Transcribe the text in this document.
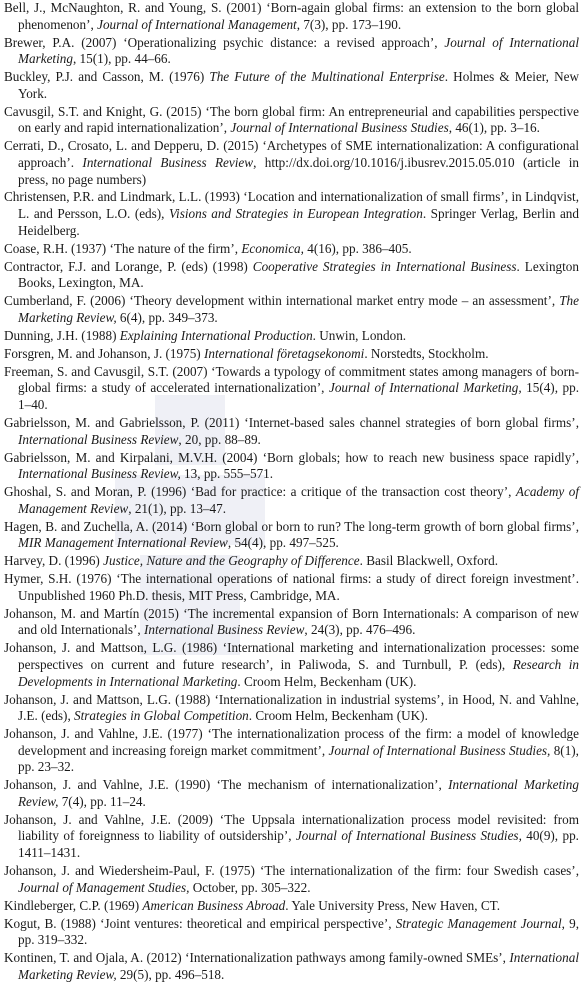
Bell, J., McNaughton, R. and Young, S. (2001) ‘Born-again global firms: an extension to the born global phenomenon’, Journal of International Management, 7(3), pp. 173–190.
Brewer, P.A. (2007) ‘Operationalizing psychic distance: a revised approach’, Journal of International Marketing, 15(1), pp. 44–66.
Buckley, P.J. and Casson, M. (1976) The Future of the Multinational Enterprise. Holmes & Meier, New York.
Cavusgil, S.T. and Knight, G. (2015) ‘The born global firm: An entrepreneurial and capabilities perspective on early and rapid internationalization’, Journal of International Business Studies, 46(1), pp. 3–16.
Cerrati, D., Crosato, L. and Depperu, D. (2015) ‘Archetypes of SME internationalization: A configurational approach’. International Business Review, http://dx.doi.org/10.1016/j.ibusrev.2015.05.010 (article in press, no page numbers)
Christensen, P.R. and Lindmark, L.L. (1993) ‘Location and internationalization of small firms’, in Lindqvist, L. and Persson, L.O. (eds), Visions and Strategies in European Integration. Springer Verlag, Berlin and Heidelberg.
Coase, R.H. (1937) ‘The nature of the firm’, Economica, 4(16), pp. 386–405.
Contractor, F.J. and Lorange, P. (eds) (1998) Cooperative Strategies in International Business. Lexington Books, Lexington, MA.
Cumberland, F. (2006) ‘Theory development within international market entry mode – an assessment’, The Marketing Review, 6(4), pp. 349–373.
Dunning, J.H. (1988) Explaining International Production. Unwin, London.
Forsgren, M. and Johanson, J. (1975) International företagsekonomi. Norstedts, Stockholm.
Freeman, S. and Cavusgil, S.T. (2007) ‘Towards a typology of commitment states among managers of born-global firms: a study of accelerated internationalization’, Journal of International Marketing, 15(4), pp. 1–40.
Gabrielsson, M. and Gabrielsson, P. (2011) ‘Internet-based sales channel strategies of born global firms’, International Business Review, 20, pp. 88–89.
Gabrielsson, M. and Kirpalani, M.V.H. (2004) ‘Born globals; how to reach new business space rapidly’, International Business Review, 13, pp. 555–571.
Ghoshal, S. and Moran, P. (1996) ‘Bad for practice: a critique of the transaction cost theory’, Academy of Management Review, 21(1), pp. 13–47.
Hagen, B. and Zuchella, A. (2014) ‘Born global or born to run? The long-term growth of born global firms’, MIR Management International Review, 54(4), pp. 497–525.
Harvey, D. (1996) Justice, Nature and the Geography of Difference. Basil Blackwell, Oxford.
Hymer, S.H. (1976) ‘The international operations of national firms: a study of direct foreign investment’. Unpublished 1960 Ph.D. thesis, MIT Press, Cambridge, MA.
Johanson, M. and Martín (2015) ‘The incremental expansion of Born Internationals: A comparison of new and old Internationals’, International Business Review, 24(3), pp. 476–496.
Johanson, J. and Mattson, L.G. (1986) ‘International marketing and internationalization processes: some perspectives on current and future research’, in Paliwoda, S. and Turnbull, P. (eds), Research in Developments in International Marketing. Croom Helm, Beckenham (UK).
Johanson, J. and Mattson, L.G. (1988) ‘Internationalization in industrial systems’, in Hood, N. and Vahlne, J.E. (eds), Strategies in Global Competition. Croom Helm, Beckenham (UK).
Johanson, J. and Vahlne, J.E. (1977) ‘The internationalization process of the firm: a model of knowledge development and increasing foreign market commitment’, Journal of International Business Studies, 8(1), pp. 23–32.
Johanson, J. and Vahlne, J.E. (1990) ‘The mechanism of internationalization’, International Marketing Review, 7(4), pp. 11–24.
Johanson, J. and Vahlne, J.E. (2009) ‘The Uppsala internationalization process model revisited: from liability of foreignness to liability of outsidership’, Journal of International Business Studies, 40(9), pp. 1411–1431.
Johanson, J. and Wiedersheim-Paul, F. (1975) ‘The internationalization of the firm: four Swedish cases’, Journal of Management Studies, October, pp. 305–322.
Kindleberger, C.P. (1969) American Business Abroad. Yale University Press, New Haven, CT.
Kogut, B. (1988) ‘Joint ventures: theoretical and empirical perspective’, Strategic Management Journal, 9, pp. 319–332.
Kontinen, T. and Ojala, A. (2012) ‘Internationalization pathways among family-owned SMEs’, International Marketing Review, 29(5), pp. 496–518.
